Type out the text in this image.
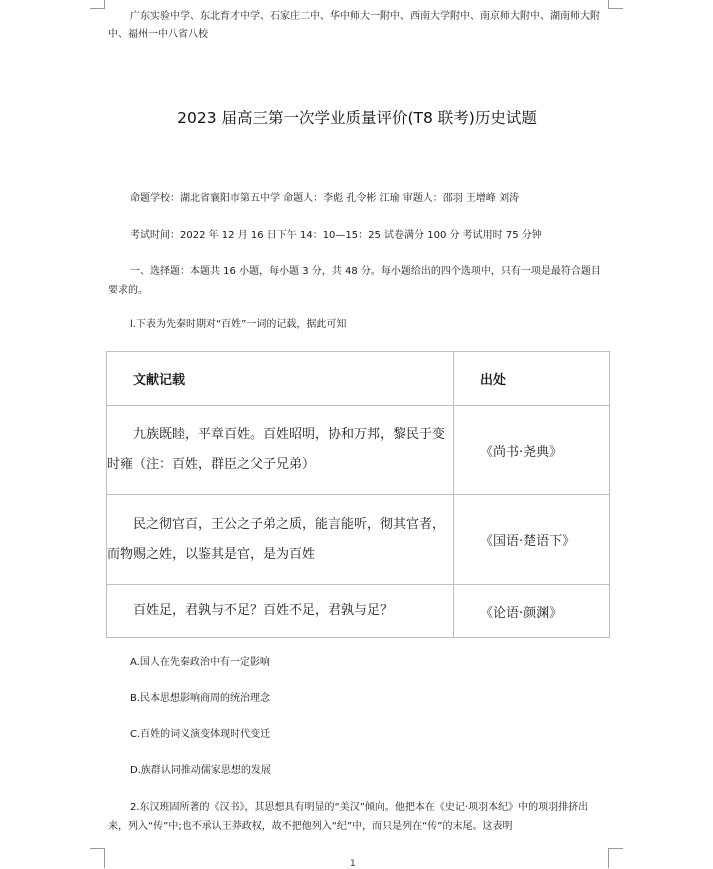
广东实验中学、东北育才中学、石家庄二中、华中师大一附中、西南大学附中、南京师大附中、湖南师大附中、福州一中八省八校
2023 届高三第一次学业质量评价(T8 联考)历史试题
命题学校：湖北省襄阳市第五中学 命题人：李彪 孔令彬 江瑜 审题人：邵羽 王增峰 刘涛
考试时间：2022 年 12 月 16 日下午 14：10—15：25 试卷满分 100 分 考试用时 75 分钟
一、选择题：本题共 16 小题，每小题 3 分，共 48 分。每小题给出的四个选项中，只有一项是最符合题目要求的。
l.下表为先秦时期对“百姓”一词的记载，据此可知
文献记载	出处
九族既睦，平章百姓。百姓昭明，协和万邦，黎民于变时雍（注：百姓，群臣之父子兄弟）	《尚书·尧典》
民之彻官百，王公之子弟之质，能言能听，彻其官者，而物赐之姓，以鉴其是官，是为百姓	《国语·楚语下》
百姓足，君孰与不足？百姓不足，君孰与足？	《论语·颜渊》
A.国人在先秦政治中有一定影响
B.民本思想影响商周的统治理念
C.百姓的词义演变体现时代变迁
D.族群认同推动儒家思想的发展
2.东汉班固所著的《汉书》，其思想具有明显的“美汉”倾向。他把本在《史记·项羽本纪》中的项羽排挤出来，列入“传”中;也不承认王莽政权，故不把他列入“纪”中，而只是列在“传”的末尾。这表明
1
